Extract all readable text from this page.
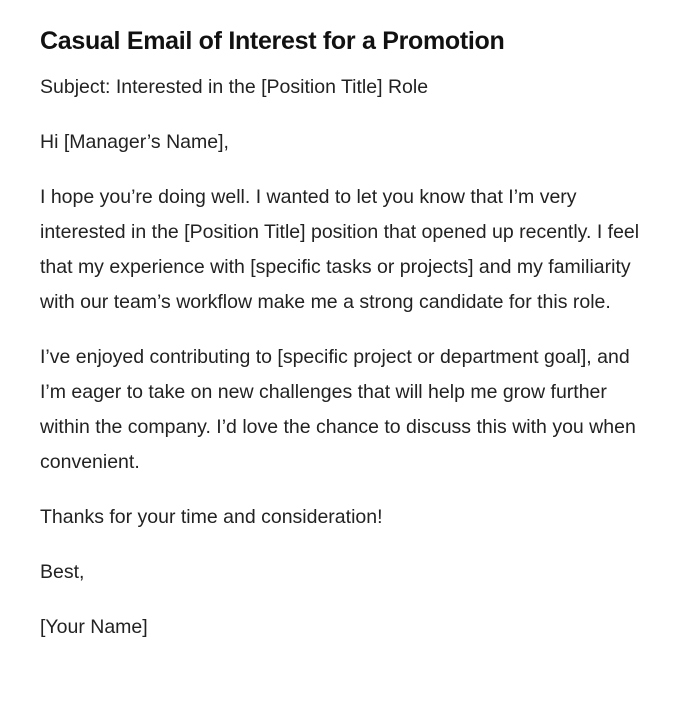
Casual Email of Interest for a Promotion

Subject: Interested in the [Position Title] Role

Hi [Manager’s Name],

I hope you’re doing well. I wanted to let you know that I’m very interested in the [Position Title] position that opened up recently. I feel that my experience with [specific tasks or projects] and my familiarity with our team’s workflow make me a strong candidate for this role.

I’ve enjoyed contributing to [specific project or department goal], and I’m eager to take on new challenges that will help me grow further within the company. I’d love the chance to discuss this with you when convenient.

Thanks for your time and consideration!

Best,

[Your Name]
